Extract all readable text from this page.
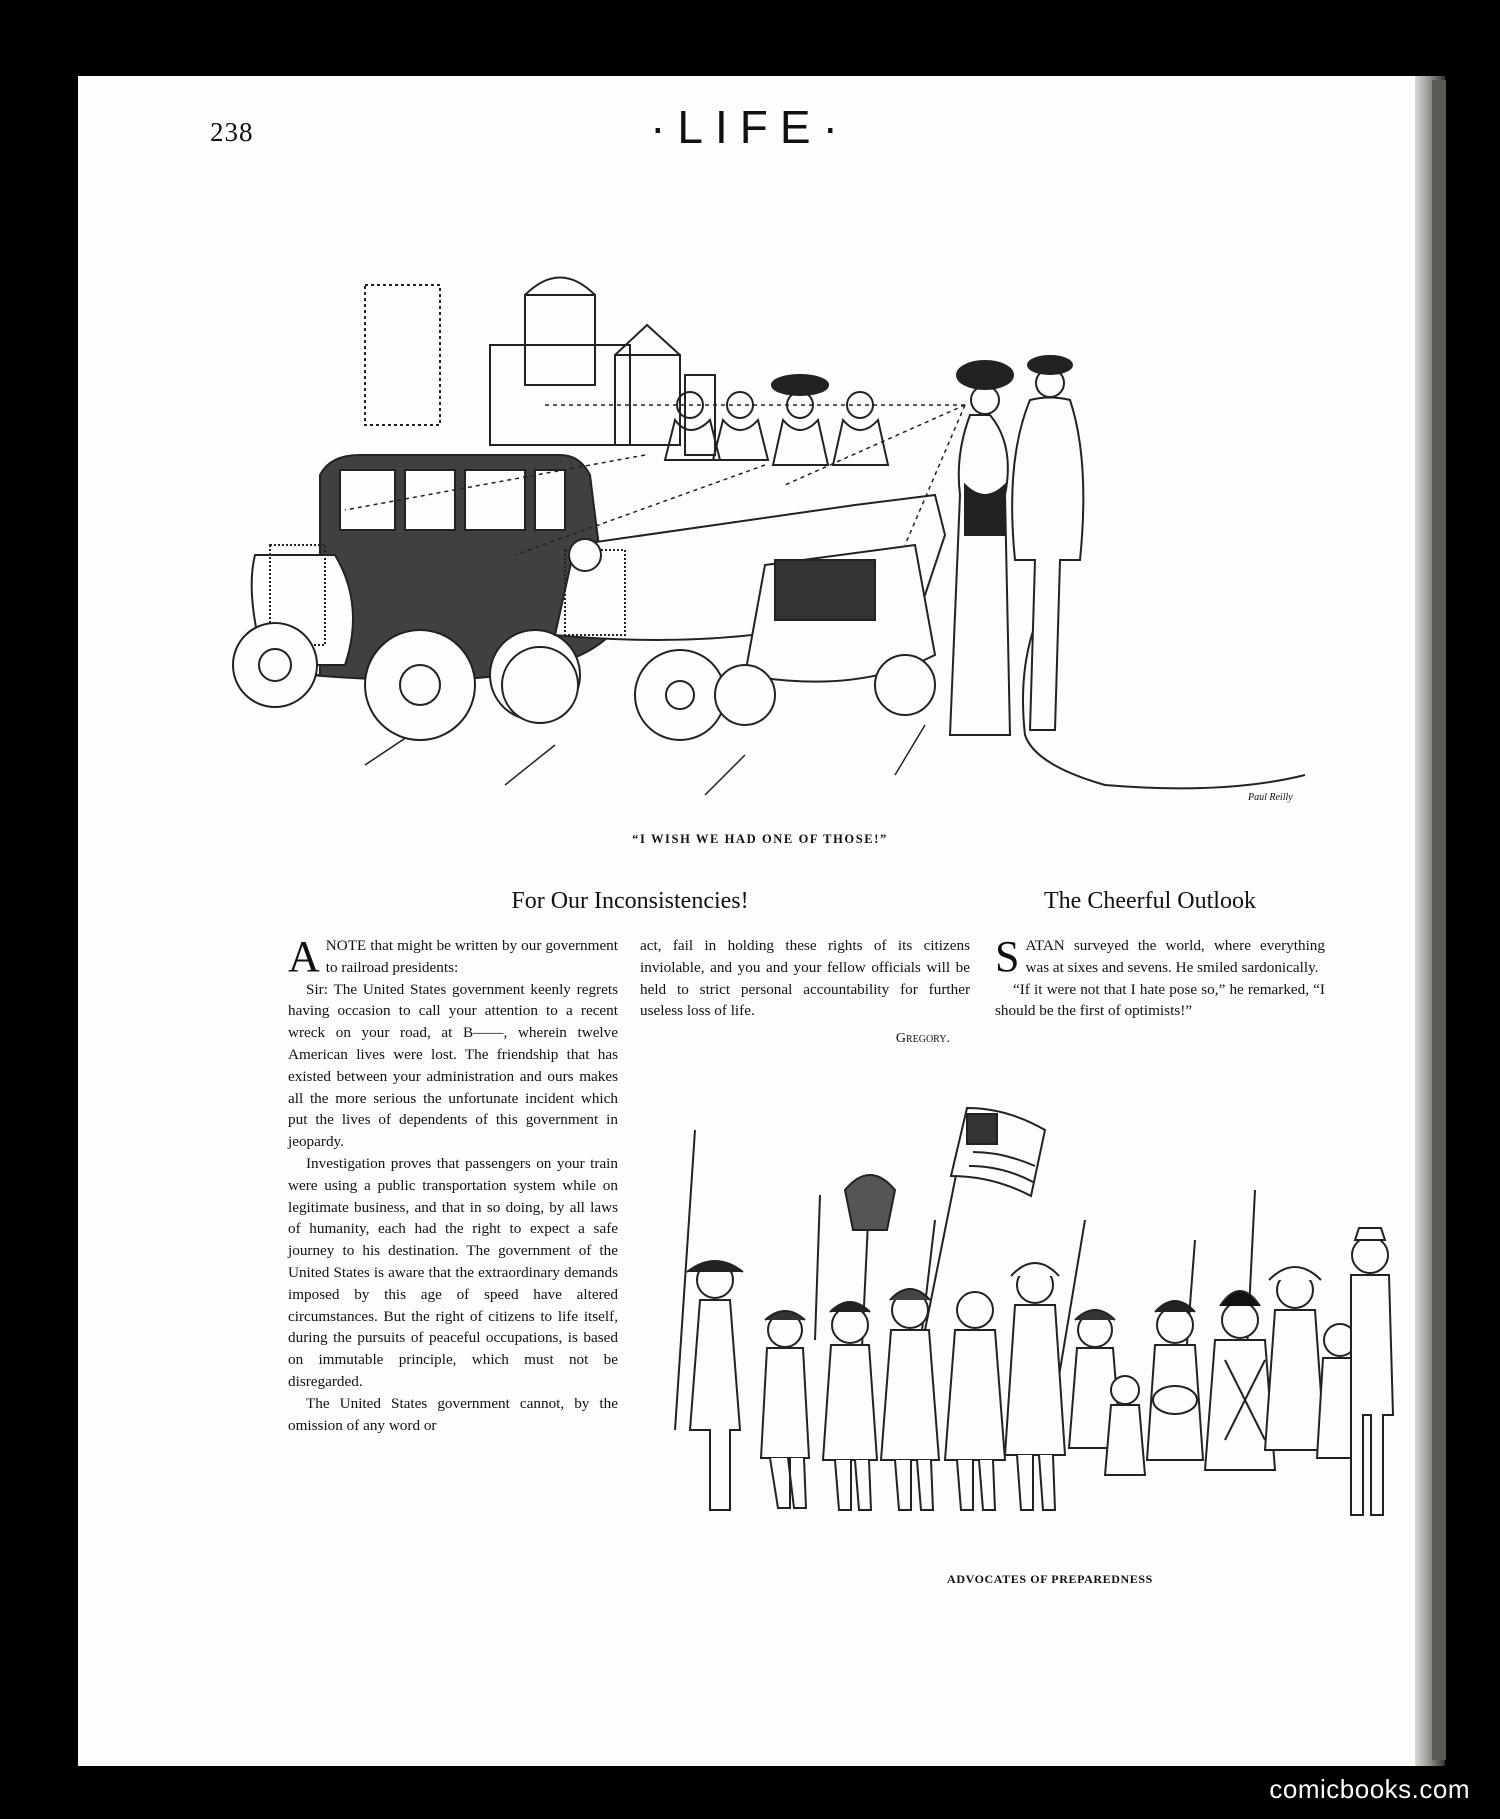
238	·LIFE·
“I WISH WE HAD ONE OF THOSE!”
Paul Reilly
For Our Inconsistencies!

ANOTE that might be written by our government to railroad presidents:

Sir: The United States government keenly regrets having occasion to call your attention to a recent wreck on your road, at B——, wherein twelve American lives were lost. The friendship that has existed between your administration and ours makes all the more serious the unfortunate incident which put the lives of dependents of this government in jeopardy.

Investigation proves that passengers on your train were using a public transportation system while on legitimate business, and that in so doing, by all laws of humanity, each had the right to expect a safe journey to his destination. The government of the United States is aware that the extraordinary demands imposed by this age of speed have altered circumstances. But the right of citizens to life itself, during the pursuits of peaceful occupations, is based on immutable principle, which must not be disregarded.

The United States government cannot, by the omission of any word or

act, fail in holding these rights of its citizens inviolable, and you and your fellow officials will be held to strict personal accountability for further useless loss of life.

Gregory.
The Cheerful Outlook

SATAN surveyed the world, where everything was at sixes and sevens. He smiled sardonically.

“If it were not that I hate pose so,” he remarked, “I should be the first of optimists!”

ADVOCATES OF PREPAREDNESS
comicbooks.com
